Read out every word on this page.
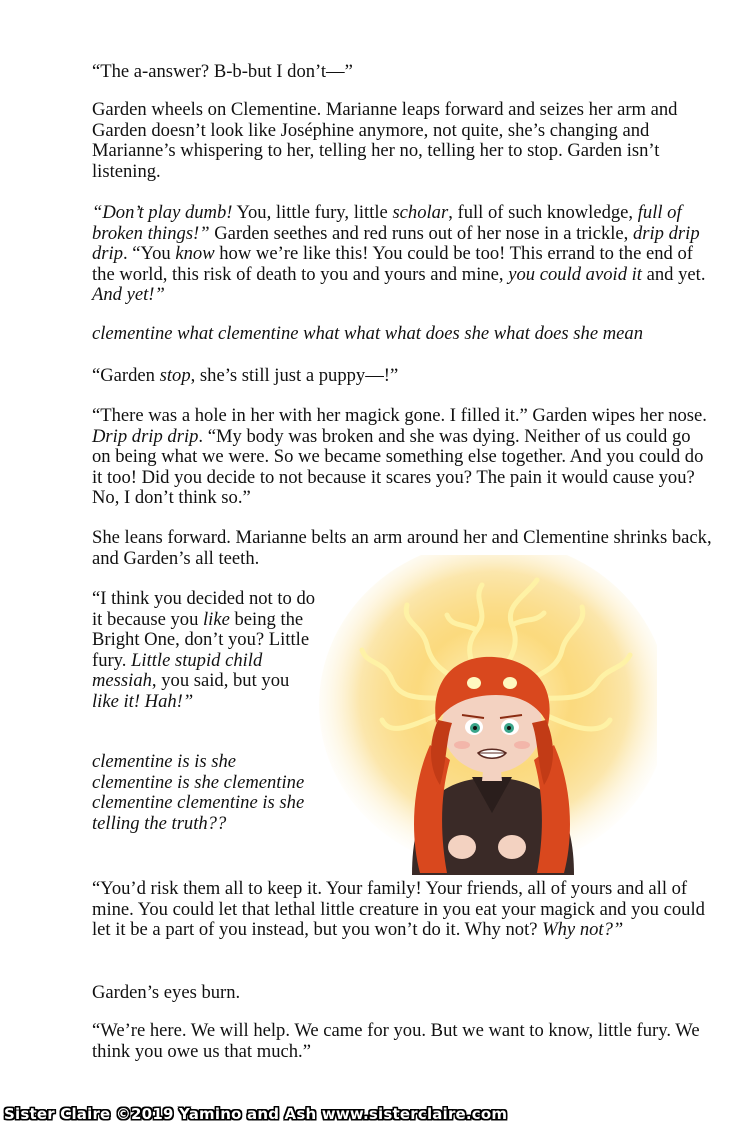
“The a-answer? B-b-but I don’t—”

Garden wheels on Clementine. Marianne leaps forward and seizes her arm and Garden doesn’t look like Joséphine anymore, not quite, she’s changing and Marianne’s whispering to her, telling her no, telling her to stop. Garden isn’t listening.

“Don’t play dumb! You, little fury, little scholar, full of such knowledge, full of broken things!” Garden seethes and red runs out of her nose in a trickle, drip drip drip. “You know how we’re like this! You could be too! This errand to the end of the world, this risk of death to you and yours and mine, you could avoid it and yet. And yet!”

clementine what clementine what what what does she what does she mean

“Garden stop, she’s still just a puppy—!”

“There was a hole in her with her magick gone. I filled it.” Garden wipes her nose. Drip drip drip. “My body was broken and she was dying. Neither of us could go on being what we were. So we became something else together. And you could do it too! Did you decide to not because it scares you? The pain it would cause you? No, I don’t think so.”

She leans forward. Marianne belts an arm around her and Clementine shrinks back, and Garden’s all teeth.

“I think you decided not to do it because you like being the Bright One, don’t you? Little fury. Little stupid child messiah, you said, but you like it! Hah!”

clementine is is she clementine is she clementine clementine clementine is she telling the truth??

“You’d risk them all to keep it. Your family! Your friends, all of yours and all of mine. You could let that lethal little creature in you eat your magick and you could let it be a part of you instead, but you won’t do it. Why not? Why not?”

Garden’s eyes burn.

“We’re here. We will help. We came for you. But we want to know, little fury. We think you owe us that much.”

Sister Claire ©2019 Yamino and Ash www.sisterclaire.com
